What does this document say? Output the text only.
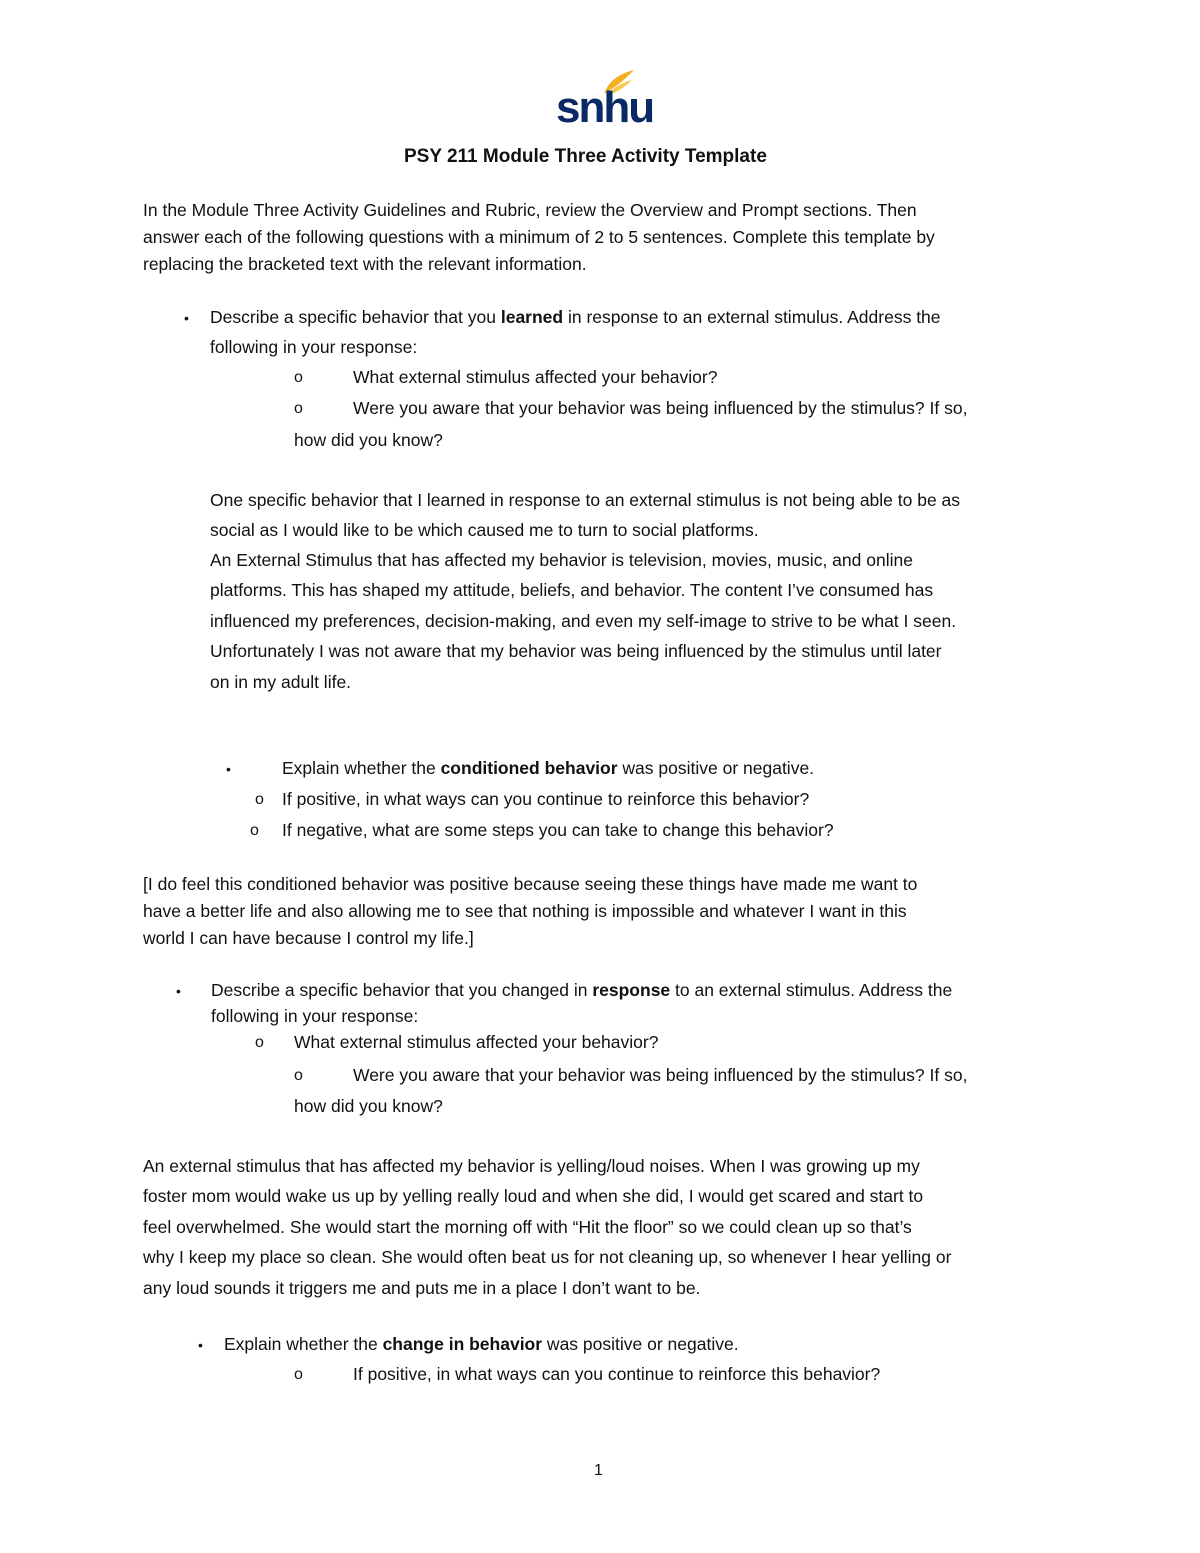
snhu
PSY 211 Module Three Activity Template
In the Module Three Activity Guidelines and Rubric, review the Overview and Prompt sections. Then
answer each of the following questions with a minimum of 2 to 5 sentences. Complete this template by
replacing the bracketed text with the relevant information.
• Describe a specific behavior that you learned in response to an external stimulus. Address the
following in your response:
o	What external stimulus affected your behavior?
o	Were you aware that your behavior was being influenced by the stimulus? If so,
how did you know?
One specific behavior that I learned in response to an external stimulus is not being able to be as
social as I would like to be which caused me to turn to social platforms.
An External Stimulus that has affected my behavior is television, movies, music, and online
platforms. This has shaped my attitude, beliefs, and behavior. The content I’ve consumed has
influenced my preferences, decision-making, and even my self-image to strive to be what I seen.
Unfortunately I was not aware that my behavior was being influenced by the stimulus until later
on in my adult life.
•	Explain whether the conditioned behavior was positive or negative.
o If positive, in what ways can you continue to reinforce this behavior?
o If negative, what are some steps you can take to change this behavior?
[I do feel this conditioned behavior was positive because seeing these things have made me want to
have a better life and also allowing me to see that nothing is impossible and whatever I want in this
world I can have because I control my life.]
• Describe a specific behavior that you changed in response to an external stimulus. Address the
following in your response:
o What external stimulus affected your behavior?
o	Were you aware that your behavior was being influenced by the stimulus? If so,
how did you know?
An external stimulus that has affected my behavior is yelling/loud noises. When I was growing up my
foster mom would wake us up by yelling really loud and when she did, I would get scared and start to
feel overwhelmed. She would start the morning off with “Hit the floor” so we could clean up so that’s
why I keep my place so clean. She would often beat us for not cleaning up, so whenever I hear yelling or
any loud sounds it triggers me and puts me in a place I don’t want to be.
• Explain whether the change in behavior was positive or negative.
o	If positive, in what ways can you continue to reinforce this behavior?
1
